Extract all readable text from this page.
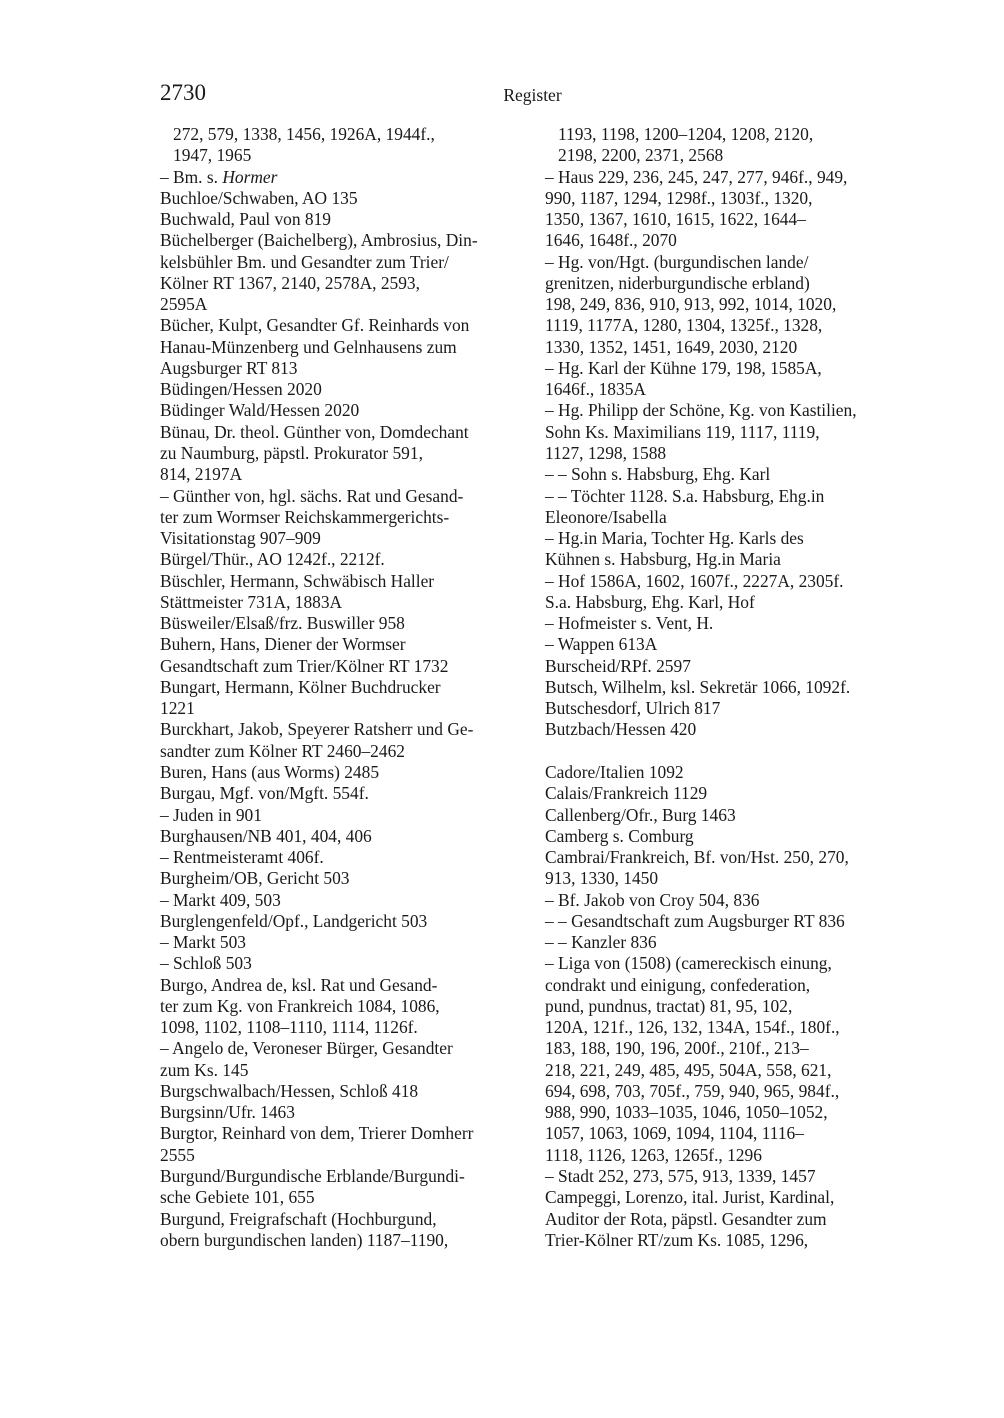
2730	Register
272, 579, 1338, 1456, 1926A, 1944f.,
1947, 1965
– Bm. s. Hormer
Buchloe/Schwaben, AO 135
Buchwald, Paul von 819
Büchelberger (Baichelberg), Ambrosius, Din-
kelsbühler Bm. und Gesandter zum Trier/
Kölner RT 1367, 2140, 2578A, 2593,
2595A
Bücher, Kulpt, Gesandter Gf. Reinhards von
Hanau-Münzenberg und Gelnhausens zum
Augsburger RT 813
Büdingen/Hessen 2020
Büdinger Wald/Hessen 2020
Bünau, Dr. theol. Günther von, Domdechant
zu Naumburg, päpstl. Prokurator 591,
814, 2197A
– Günther von, hgl. sächs. Rat und Gesand-
ter zum Wormser Reichskammergerichts-
Visitationstag 907–909
Bürgel/Thür., AO 1242f., 2212f.
Büschler, Hermann, Schwäbisch Haller
Stättmeister 731A, 1883A
Büsweiler/Elsaß/frz. Buswiller 958
Buhern, Hans, Diener der Wormser
Gesandtschaft zum Trier/Kölner RT 1732
Bungart, Hermann, Kölner Buchdrucker
1221
Burckhart, Jakob, Speyerer Ratsherr und Ge-
sandter zum Kölner RT 2460–2462
Buren, Hans (aus Worms) 2485
Burgau, Mgf. von/Mgft. 554f.
– Juden in 901
Burghausen/NB 401, 404, 406
– Rentmeisteramt 406f.
Burgheim/OB, Gericht 503
– Markt 409, 503
Burglengenfeld/Opf., Landgericht 503
– Markt 503
– Schloß 503
Burgo, Andrea de, ksl. Rat und Gesand-
ter zum Kg. von Frankreich 1084, 1086,
1098, 1102, 1108–1110, 1114, 1126f.
– Angelo de, Veroneser Bürger, Gesandter
zum Ks. 145
Burgschwalbach/Hessen, Schloß 418
Burgsinn/Ufr. 1463
Burgtor, Reinhard von dem, Trierer Domherr
2555
Burgund/Burgundische Erblande/Burgundi-
sche Gebiete 101, 655
Burgund, Freigrafschaft (Hochburgund,
obern burgundischen landen) 1187–1190,
1193, 1198, 1200–1204, 1208, 2120,
2198, 2200, 2371, 2568
– Haus 229, 236, 245, 247, 277, 946f., 949,
990, 1187, 1294, 1298f., 1303f., 1320,
1350, 1367, 1610, 1615, 1622, 1644–
1646, 1648f., 2070
– Hg. von/Hgt. (burgundischen lande/
grenitzen, niderburgundische erbland)
198, 249, 836, 910, 913, 992, 1014, 1020,
1119, 1177A, 1280, 1304, 1325f., 1328,
1330, 1352, 1451, 1649, 2030, 2120
– Hg. Karl der Kühne 179, 198, 1585A,
1646f., 1835A
– Hg. Philipp der Schöne, Kg. von Kastilien,
Sohn Ks. Maximilians 119, 1117, 1119,
1127, 1298, 1588
– – Sohn s. Habsburg, Ehg. Karl
– – Töchter 1128. S.a. Habsburg, Ehg.in
Eleonore/Isabella
– Hg.in Maria, Tochter Hg. Karls des
Kühnen s. Habsburg, Hg.in Maria
– Hof 1586A, 1602, 1607f., 2227A, 2305f.
S.a. Habsburg, Ehg. Karl, Hof
– Hofmeister s. Vent, H.
– Wappen 613A
Burscheid/RPf. 2597
Butsch, Wilhelm, ksl. Sekretär 1066, 1092f.
Butschesdorf, Ulrich 817
Butzbach/Hessen 420
Cadore/Italien 1092
Calais/Frankreich 1129
Callenberg/Ofr., Burg 1463
Camberg s. Comburg
Cambrai/Frankreich, Bf. von/Hst. 250, 270,
913, 1330, 1450
– Bf. Jakob von Croy 504, 836
– – Gesandtschaft zum Augsburger RT 836
– – Kanzler 836
– Liga von (1508) (camereckisch einung,
condrakt und einigung, confederation,
pund, pundnus, tractat) 81, 95, 102,
120A, 121f., 126, 132, 134A, 154f., 180f.,
183, 188, 190, 196, 200f., 210f., 213–
218, 221, 249, 485, 495, 504A, 558, 621,
694, 698, 703, 705f., 759, 940, 965, 984f.,
988, 990, 1033–1035, 1046, 1050–1052,
1057, 1063, 1069, 1094, 1104, 1116–
1118, 1126, 1263, 1265f., 1296
– Stadt 252, 273, 575, 913, 1339, 1457
Campeggi, Lorenzo, ital. Jurist, Kardinal,
Auditor der Rota, päpstl. Gesandter zum
Trier-Kölner RT/zum Ks. 1085, 1296,
